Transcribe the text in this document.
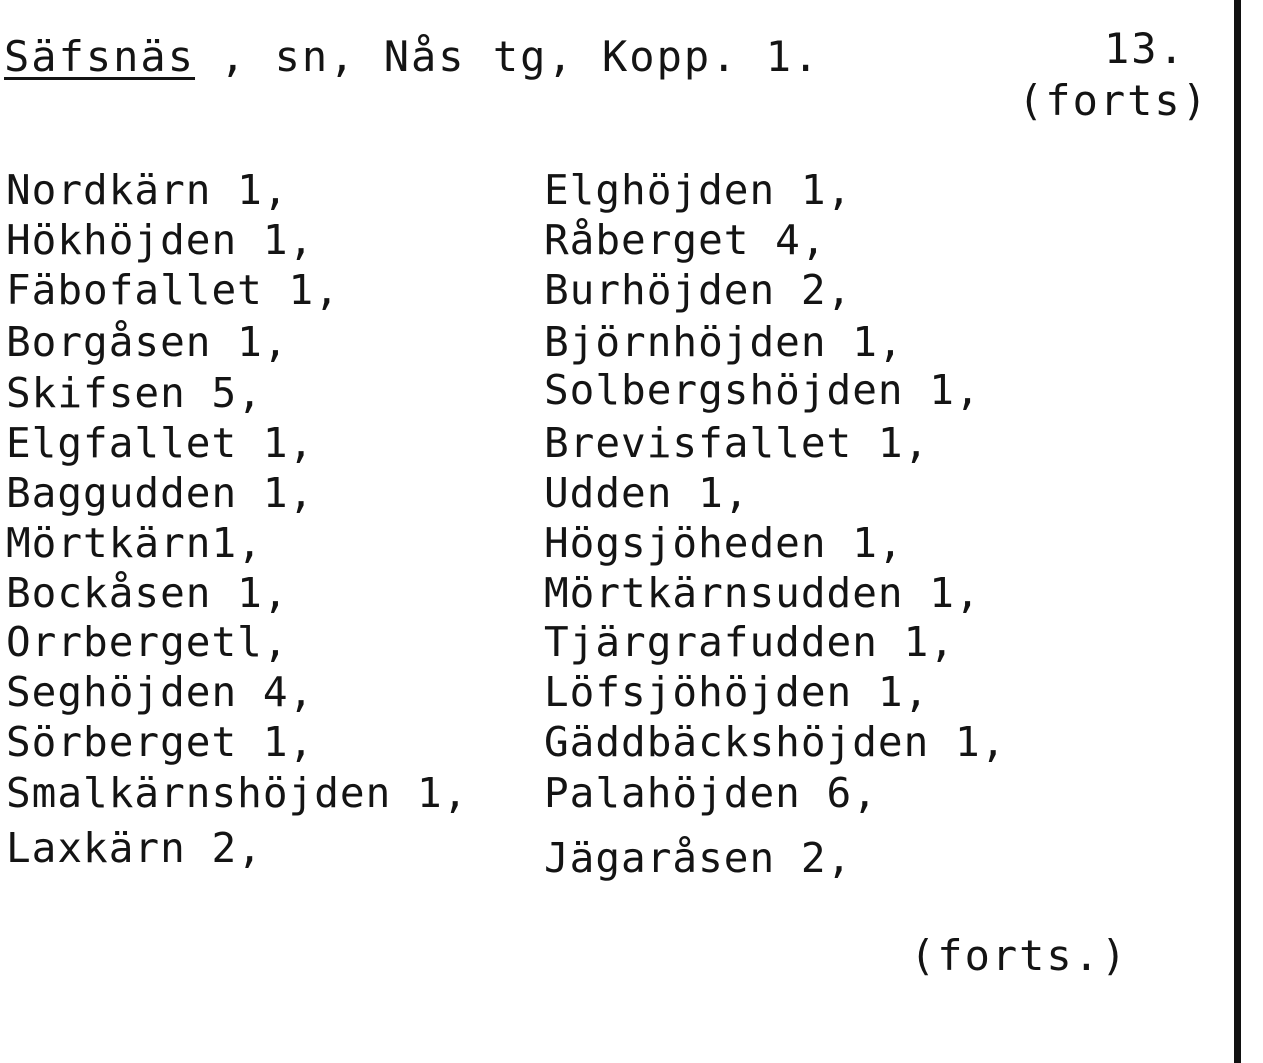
Säfsnäs , sn, Nås tg, Kopp. 1.	13.
(forts)
Nordkärn 1,
Hökhöjden 1,
Fäbofallet 1,
Borgåsen 1,
Skifsen 5,
Elgfallet 1,
Baggudden 1,
Mörtkärn1,
Bockåsen 1,
Orrbergetl,
Seghöjden 4,
Sörberget 1,
Smalkärnshöjden 1,
Laxkärn 2,
Elghöjden 1,
Råberget 4,
Burhöjden 2,
Björnhöjden 1,
Solbergshöjden 1,
Brevisfallet 1,
Udden 1,
Högsjöheden 1,
Mörtkärnsudden 1,
Tjärgrafudden 1,
Löfsjöhöjden 1,
Gäddbäckshöjden 1,
Palahöjden 6,
Jägaråsen 2,
(forts.)
